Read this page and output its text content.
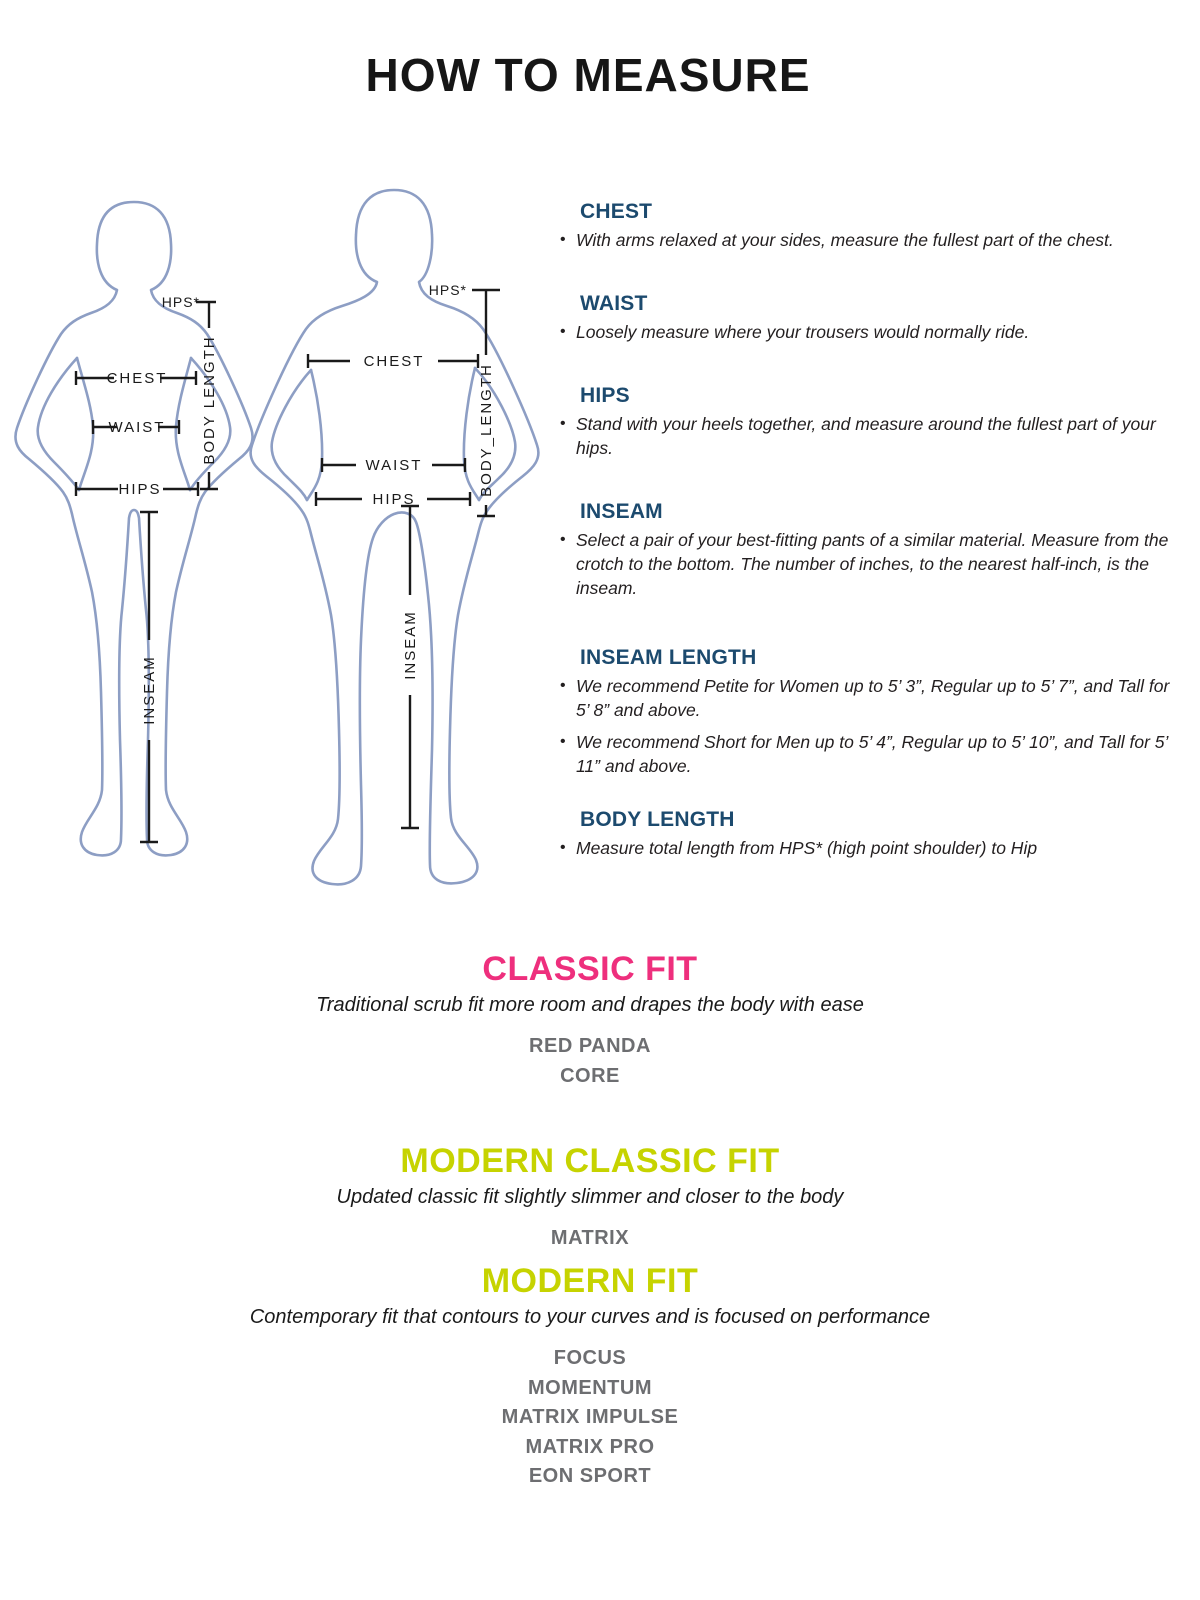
HOW TO MEASURE
CHEST
WAIST
HIPS
HPS*
BODY LENGTH
INSEAM
CHEST
WAIST
HIPS
HPS*
BODY_LENGTH
INSEAM
CHEST
• With arms relaxed at your sides, measure the fullest part of the chest.
WAIST
• Loosely measure where your trousers would normally ride.
HIPS
• Stand with your heels together, and measure around the fullest part of your hips.
INSEAM
• Select a pair of your best-fitting pants of a similar material. Measure from the crotch to the bottom. The number of inches, to the nearest half-inch, is the inseam.
INSEAM LENGTH
• We recommend Petite for Women up to 5’ 3”, Regular up to 5’ 7”, and Tall for 5’ 8” and above.
• We recommend Short for Men up to 5’ 4”, Regular up to 5’ 10”, and Tall for 5’ 11” and above.
BODY LENGTH
• Measure total length from HPS* (high point shoulder) to Hip
CLASSIC FIT

Traditional scrub fit more room and drapes the body with ease

RED PANDA
CORE
MODERN CLASSIC FIT

Updated classic fit slightly slimmer and closer to the body

MATRIX
MODERN FIT

Contemporary fit that contours to your curves and is focused on performance

FOCUS
MOMENTUM
MATRIX IMPULSE
MATRIX PRO
EON SPORT
